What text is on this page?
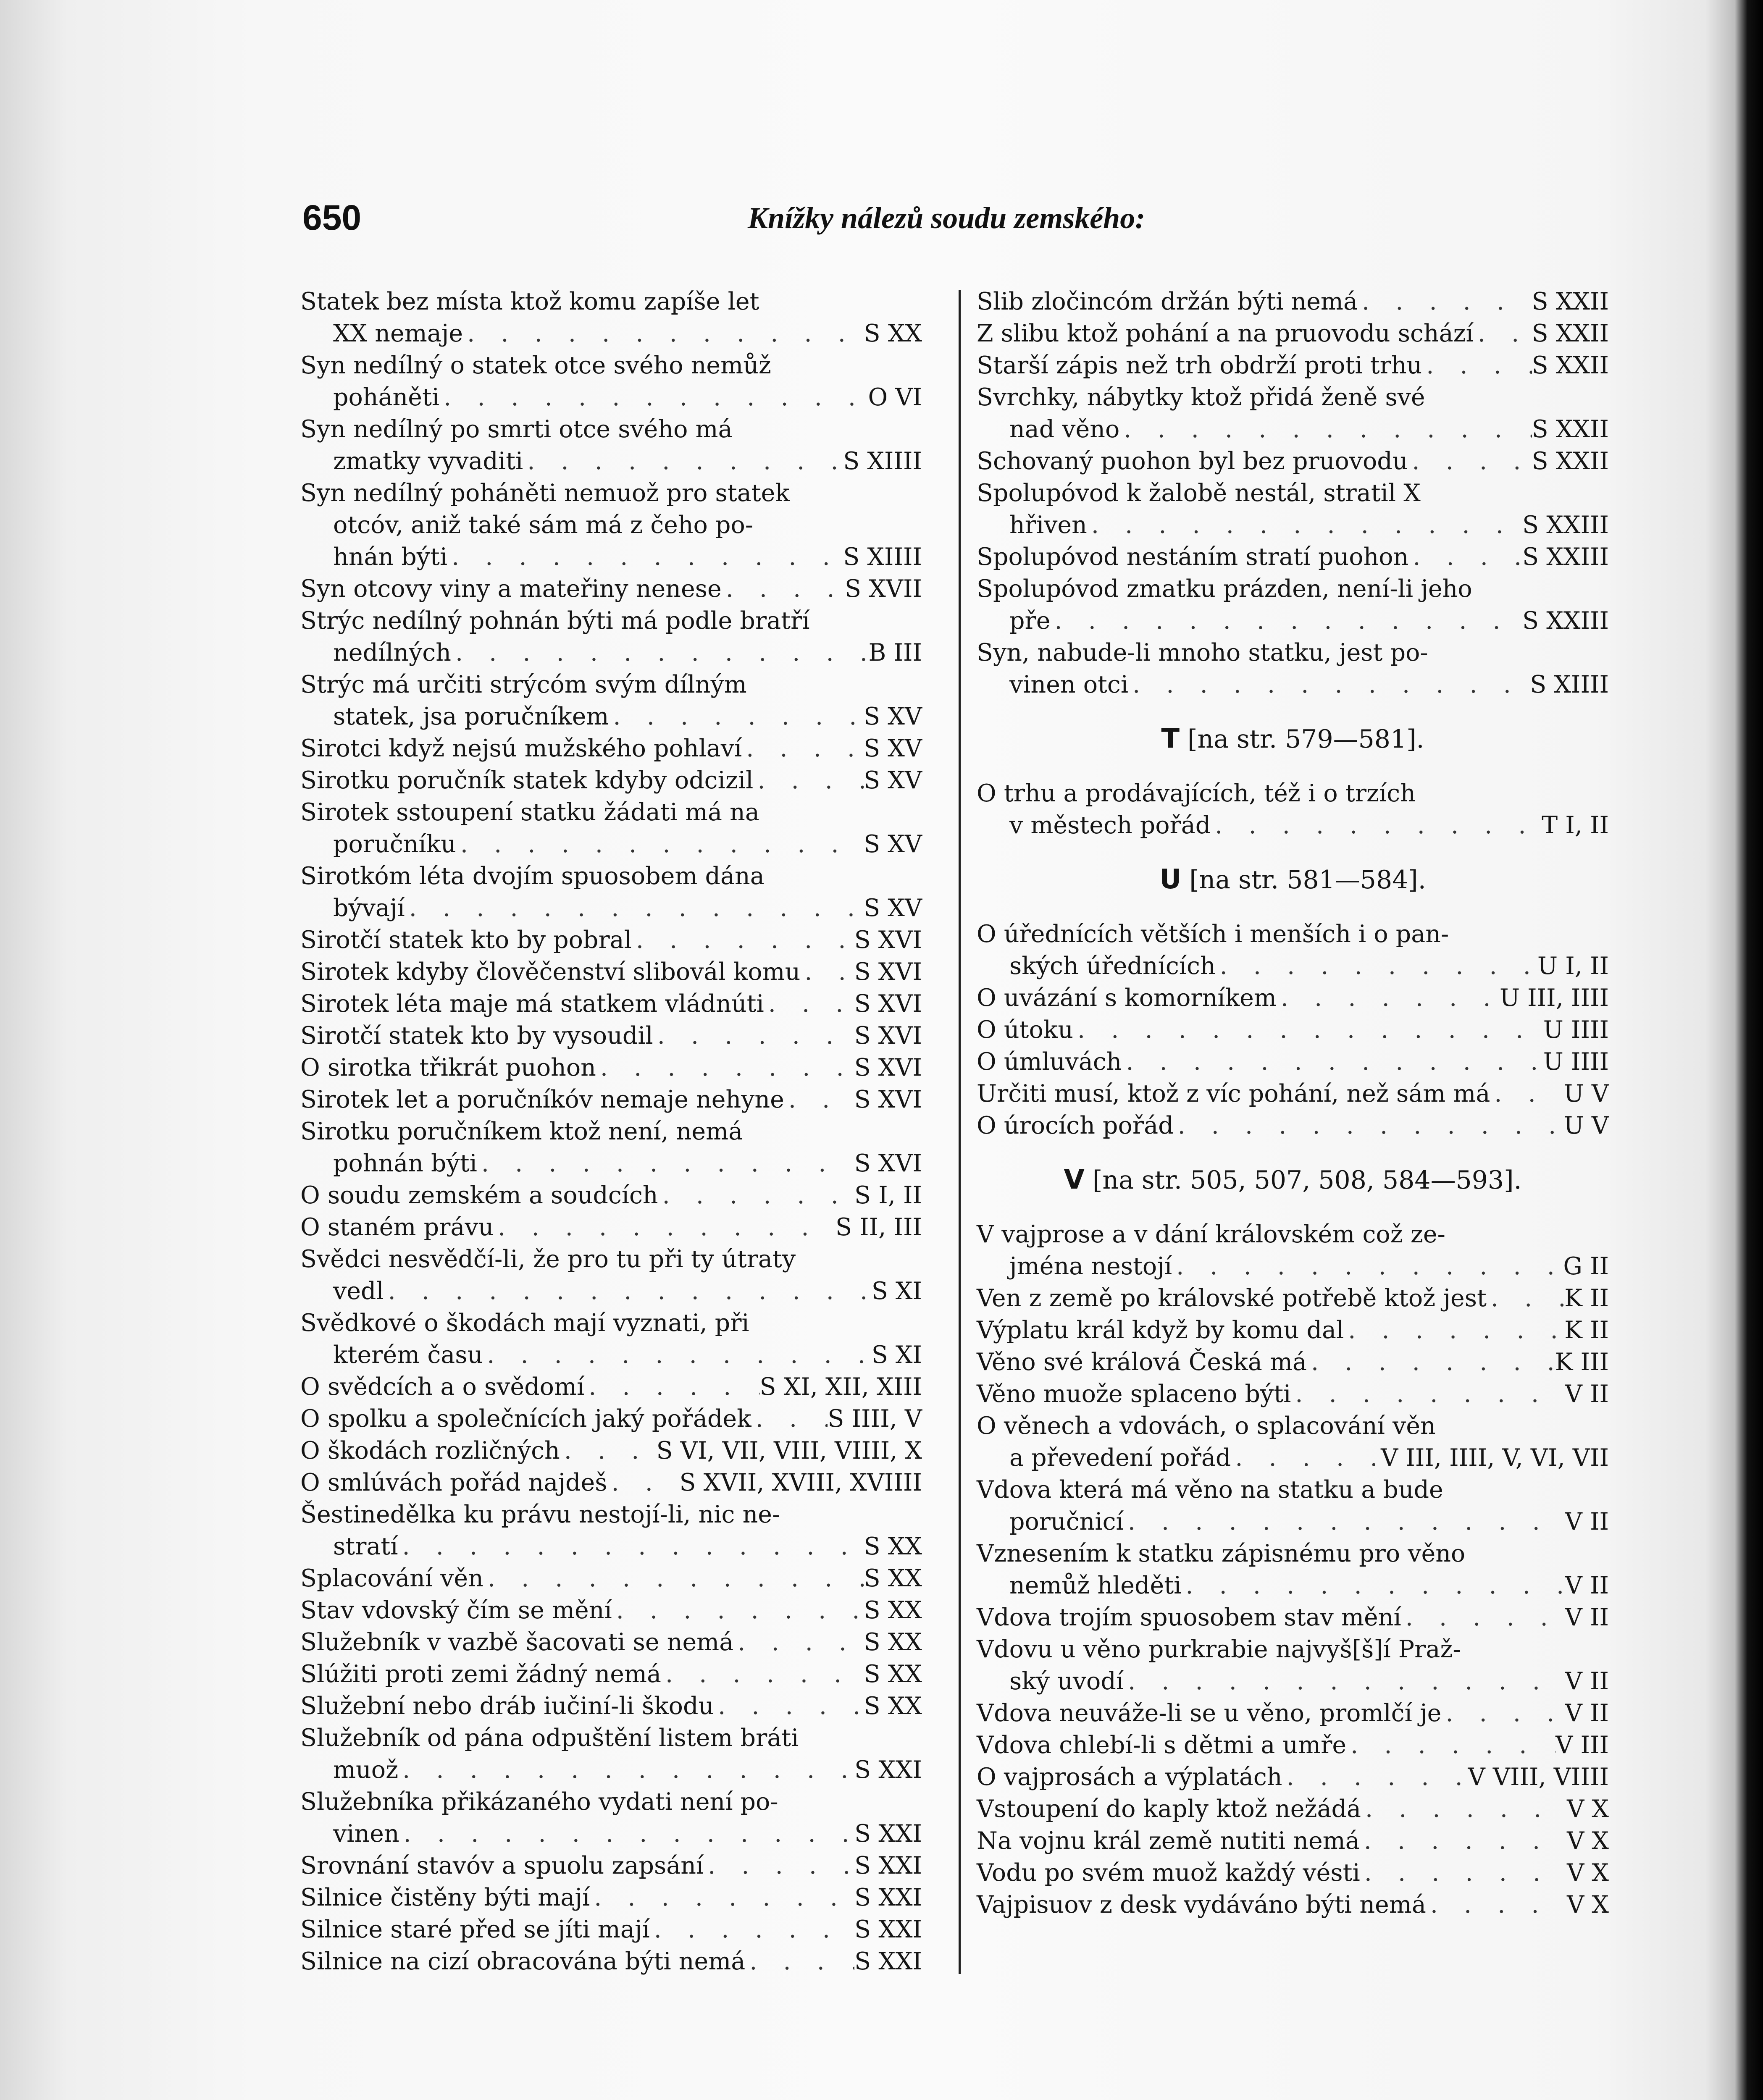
650	Knížky nálezů soudu zemského:
Statek bez místa ktož komu zapíše let
XX nemaje . . .	S XX
Syn nedílný o statek otce svého nemůž
poháněti . . .	O VI
Syn nedílný po smrti otce svého má
zmatky vyvaditi . . .	S XIIII
Syn nedílný poháněti nemuož pro statek
otcóv, aniž také sám má z čeho po-
hnán býti . . .	S XIIII
Syn otcovy viny a mateřiny nenese . . .	S XVII
Strýc nedílný pohnán býti má podle bratří
nedílných . . .	B III
Strýc má určiti strýcóm svým dílným
statek, jsa poručníkem . . .	S XV
Sirotci když nejsú mužského pohlaví . . .	S XV
Sirotku poručník statek kdyby odcizil . . .	S XV
Sirotek sstoupení statku žádati má na
poručníku . . .	S XV
Sirotkóm léta dvojím spuosobem dána
bývají . . .	S XV
Sirotčí statek kto by pobral . . .	S XVI
Sirotek kdyby člověčenství slibovál komu . . . S XVI
Sirotek léta maje má statkem vládnúti . . .	S XVI
Sirotčí statek kto by vysoudil . . .	S XVI
O sirotka třikrát puohon . . .	S XVI
Sirotek let a poručníkóv nemaje nehyne . . .	S XVI
Sirotku poručníkem ktož není, nemá
pohnán býti . . .	S XVI
O soudu zemském a soudcích . . .	S I, II
O staném právu . . .	S II, III
Svědci nesvědčí-li, že pro tu při ty útraty
vedl . . .	S XI
Svědkové o škodách mají vyznati, při
kterém času . . .	S XI
O svědcích a o svědomí . . .	S XI, XII, XIII
O spolku a společnících jaký pořádek . . .	S IIII, V
O škodách rozličných . . .	S VI, VII, VIII, VIIII, X
O smlúvách pořád najdeš . . .	S XVII, XVIII, XVIIII
Šestinedělka ku právu nestojí-li, nic ne-
stratí . . .	S XX
Splacování věn . . .	S XX
Stav vdovský čím se mění . . .	S XX
Služebník v vazbě šacovati se nemá . . .	S XX
Slúžiti proti zemi žádný nemá . . .	S XX
Služební nebo dráb iučiní-li škodu . . .	S XX
Služebník od pána odpuštění listem bráti
muož . . .	S XXI
Služebníka přikázaného vydati není po-
vinen . . .	S XXI
Srovnání stavóv a spuolu zapsání . . .	S XXI
Silnice čistěny býti mají . . .	S XXI
Silnice staré před se jíti mají . . .	S XXI
Silnice na cizí obracována býti nemá . . .	S XXI
Slib zločincóm držán býti nemá . . .	S XXII
Z slibu ktož pohání a na pruovodu schází . . . S XXII
Starší zápis než trh obdrží proti trhu . . .	S XXII
Svrchky, nábytky ktož přidá ženě své
nad věno . . .	S XXII
Schovaný puohon byl bez pruovodu . . .	S XXII
Spolupóvod k žalobě nestál, stratil X
hřiven . . .	S XXIII
Spolupóvod nestáním stratí puohon . . .	S XXIII
Spolupóvod zmatku prázden, není-li jeho
pře . . .	S XXIII
Syn, nabude-li mnoho statku, jest po-
vinen otci . . .	S XIIII
T [na str. 579—581].
O trhu a prodávajících, též i o trzích
v městech pořád . . .	T I, II
U [na str. 581—584].
O úřednících větších i menších i o pan-
ských úřednících . . .	U I, II
O uvázání s komorníkem . . .	U III, IIII
O útoku . . .	U IIII
O úmluvách . . .	U IIII
Určiti musí, ktož z víc pohání, než sám má . . .	U V
O úrocích pořád . . .	U V
V [na str. 505, 507, 508, 584—593].
V vajprose a v dání královském což ze-
jména nestojí . . .	G II
Ven z země po královské potřebě ktož jest . . .	K II
Výplatu král když by komu dal . . .	K II
Věno své králová Česká má . . .	K III
Věno muože splaceno býti . . .	V II
O věnech a vdovách, o splacování věn
a převedení pořád . . .	V III, IIII, V, VI, VII
Vdova která má věno na statku a bude
poručnicí . . .	V II
Vznesením k statku zápisnému pro věno
nemůž hleděti . . .	V II
Vdova trojím spuosobem stav mění . . .	V II
Vdovu u věno purkrabie najvyš[š]í Praž-
ský uvodí . . .	V II
Vdova neuváže-li se u věno, promlčí je . . .	V II
Vdova chlebí-li s dětmi a umře . . .	V III
O vajprosách a výplatách . . .	V VIII, VIIII
Vstoupení do kaply ktož nežádá . . .	V X
Na vojnu král země nutiti nemá . . .	V X
Vodu po svém muož každý vésti . . .	V X
Vajpisuov z desk vydáváno býti nemá . . .	V X
